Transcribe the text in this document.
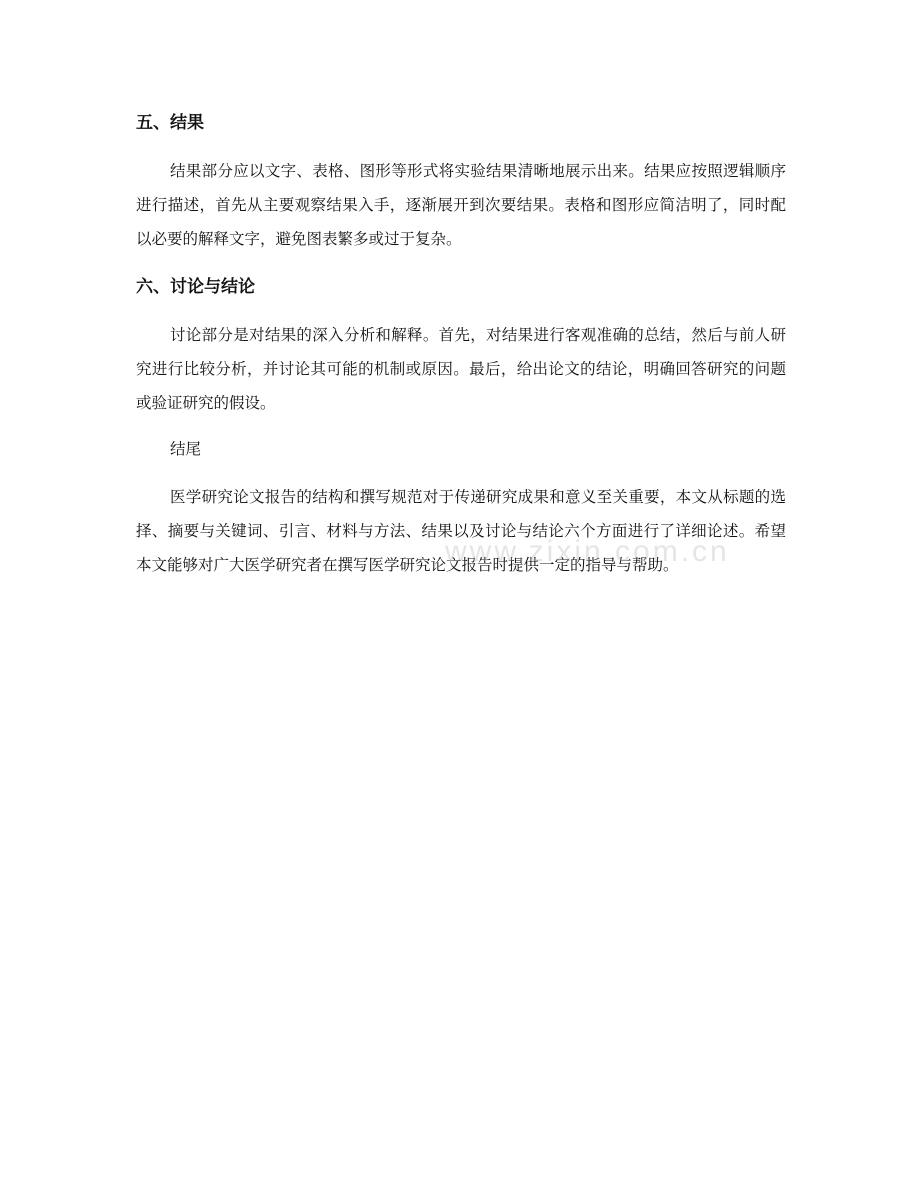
五、结果

结果部分应以文字、表格、图形等形式将实验结果清晰地展示出来。结果应按照逻辑顺序进行描述，首先从主要观察结果入手，逐渐展开到次要结果。表格和图形应简洁明了，同时配以必要的解释文字，避免图表繁多或过于复杂。

六、讨论与结论

讨论部分是对结果的深入分析和解释。首先，对结果进行客观准确的总结，然后与前人研究进行比较分析，并讨论其可能的机制或原因。最后，给出论文的结论，明确回答研究的问题或验证研究的假设。

结尾

医学研究论文报告的结构和撰写规范对于传递研究成果和意义至关重要，本文从标题的选择、摘要与关键词、引言、材料与方法、结果以及讨论与结论六个方面进行了详细论述。希望本文能够对广大医学研究者在撰写医学研究论文报告时提供一定的指导与帮助。

www.zixin.com.cn
